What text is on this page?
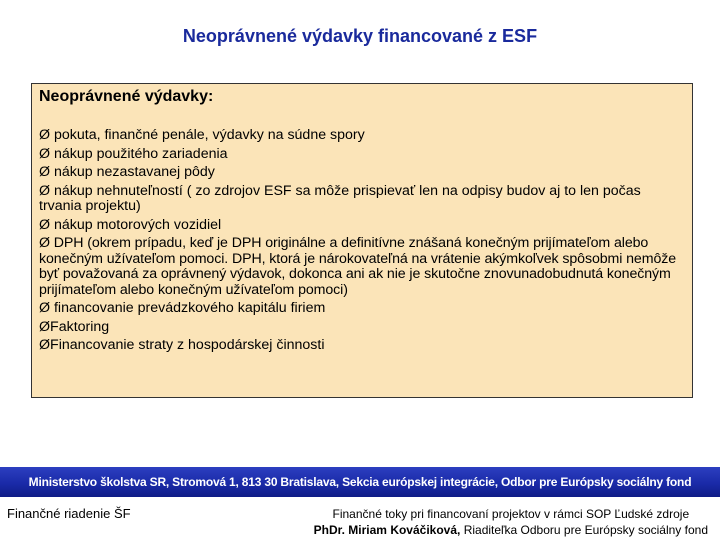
Neoprávnené výdavky financované z ESF
Neoprávnené výdavky:
Ø pokuta, finančné penále, výdavky na súdne spory
Ø nákup použitého zariadenia
Ø nákup nezastavanej pôdy
Ø nákup nehnuteľností ( zo zdrojov ESF sa môže prispievať len na odpisy budov aj to len počas trvania projektu)
Ø nákup motorových vozidiel
Ø DPH (okrem prípadu, keď je DPH originálne a definitívne znášaná konečným prijímateľom alebo konečným užívateľom pomoci. DPH, ktorá je nárokovateľná na vrátenie akýmkoľvek spôsobmi nemôže byť považovaná za oprávnený výdavok, dokonca ani ak nie je skutočne znovunadobudnutá konečným prijímateľom alebo konečným užívateľom pomoci)
Ø financovanie prevádzkového kapitálu firiem
ØFaktoring
ØFinancovanie straty z hospodárskej činnosti
Ministerstvo školstva SR, Stromová 1, 813 30 Bratislava, Sekcia európskej integrácie, Odbor pre Európsky sociálny fond
Finančné riadenie ŠF	Finančné toky pri financovaní projektov v rámci SOP Ľudské zdroje
PhDr. Miriam Kováčiková, Riaditeľka Odboru pre Európsky sociálny fond
